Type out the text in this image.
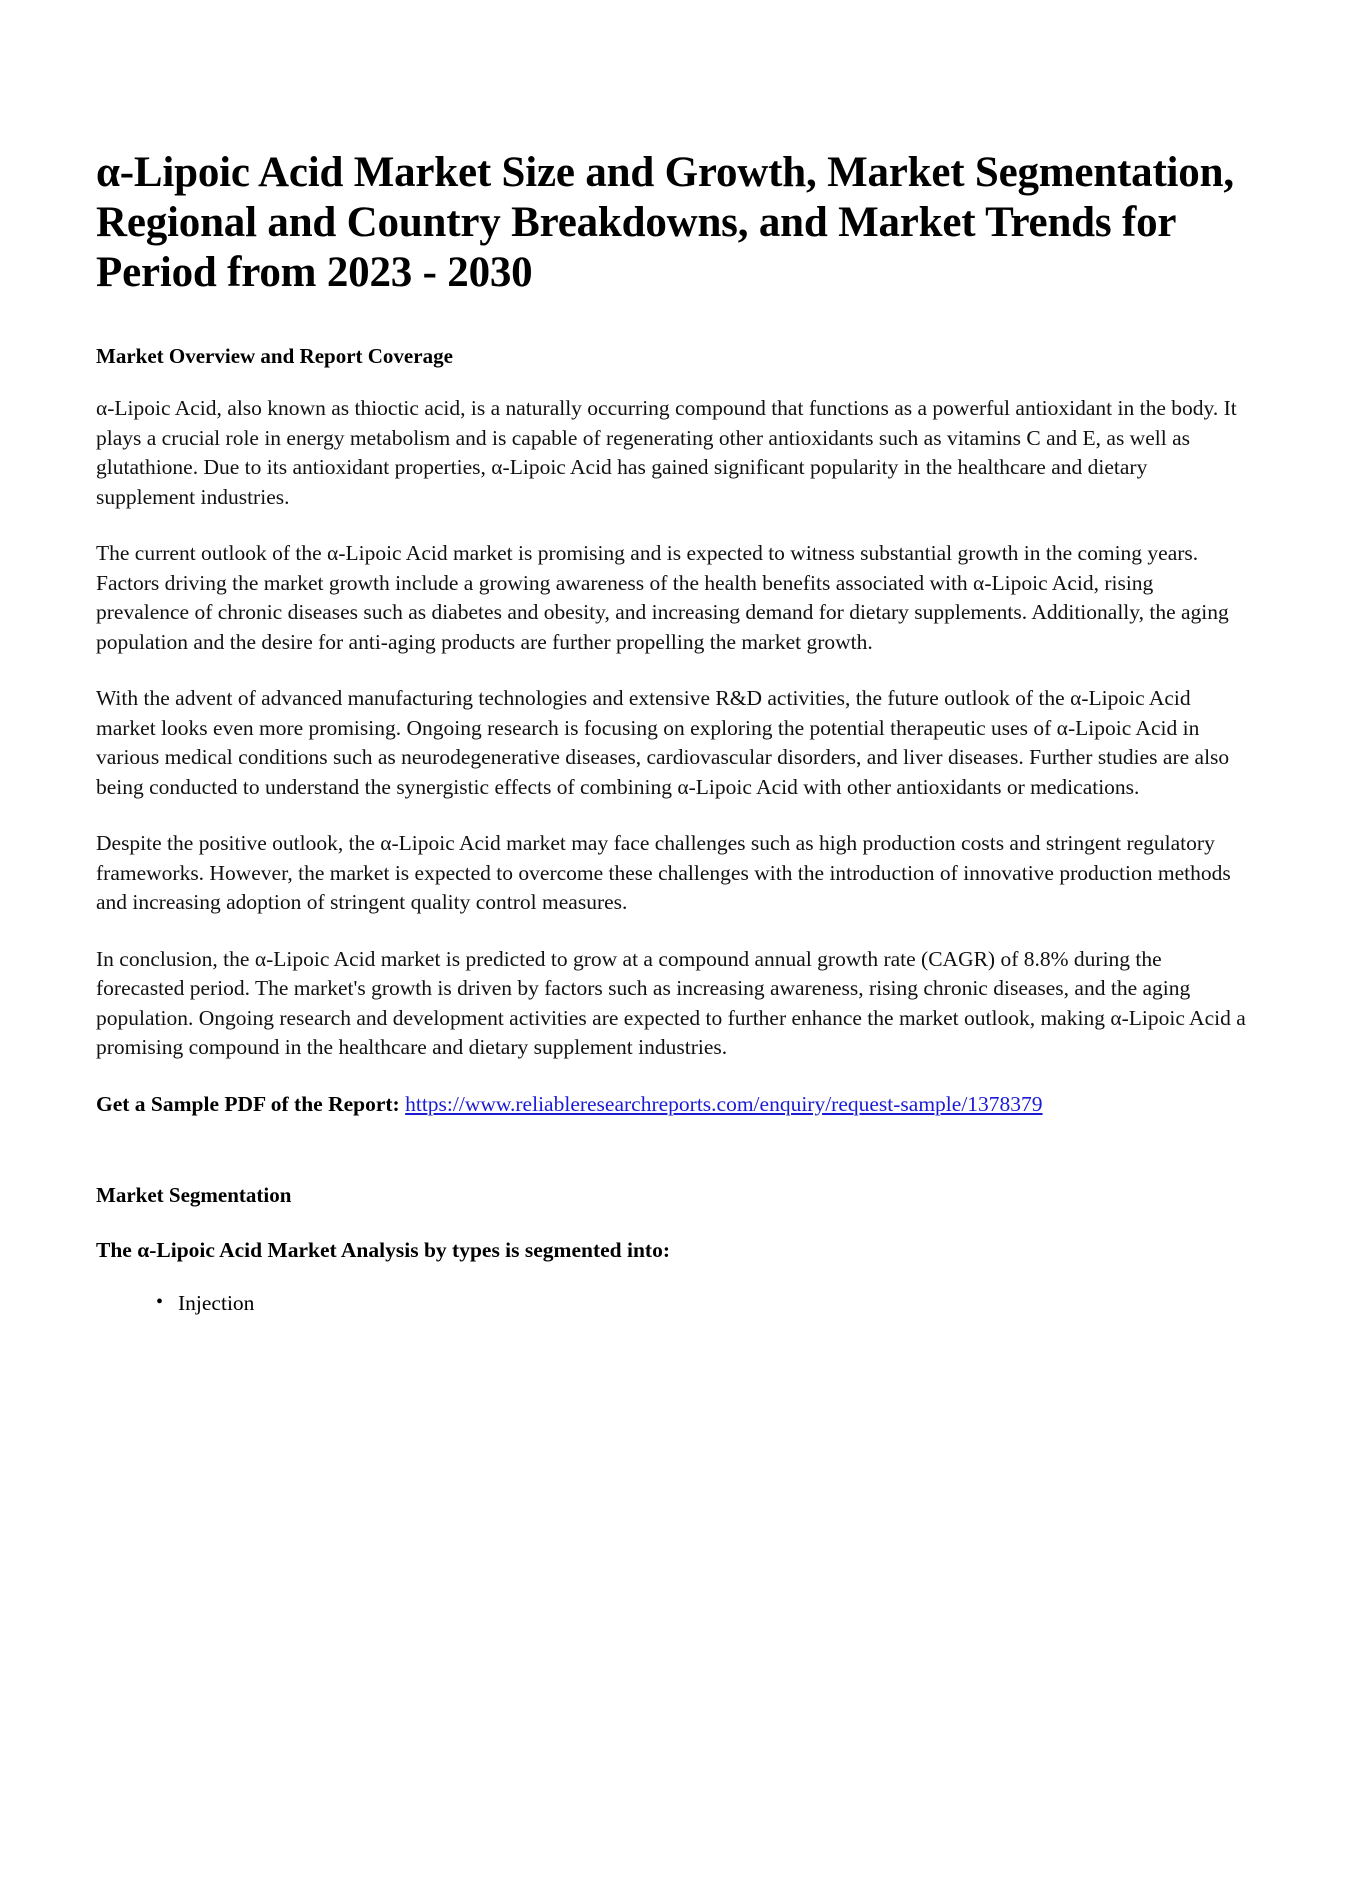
α-Lipoic Acid Market Size and Growth, Market Segmentation, Regional and Country Breakdowns, and Market Trends for Period from 2023 - 2030
Market Overview and Report Coverage

α-Lipoic Acid, also known as thioctic acid, is a naturally occurring compound that functions as a powerful antioxidant in the body. It plays a crucial role in energy metabolism and is capable of regenerating other antioxidants such as vitamins C and E, as well as glutathione. Due to its antioxidant properties, α-Lipoic Acid has gained significant popularity in the healthcare and dietary supplement industries.

The current outlook of the α-Lipoic Acid market is promising and is expected to witness substantial growth in the coming years. Factors driving the market growth include a growing awareness of the health benefits associated with α-Lipoic Acid, rising prevalence of chronic diseases such as diabetes and obesity, and increasing demand for dietary supplements. Additionally, the aging population and the desire for anti-aging products are further propelling the market growth.

With the advent of advanced manufacturing technologies and extensive R&D activities, the future outlook of the α-Lipoic Acid market looks even more promising. Ongoing research is focusing on exploring the potential therapeutic uses of α-Lipoic Acid in various medical conditions such as neurodegenerative diseases, cardiovascular disorders, and liver diseases. Further studies are also being conducted to understand the synergistic effects of combining α-Lipoic Acid with other antioxidants or medications.

Despite the positive outlook, the α-Lipoic Acid market may face challenges such as high production costs and stringent regulatory frameworks. However, the market is expected to overcome these challenges with the introduction of innovative production methods and increasing adoption of stringent quality control measures.

In conclusion, the α-Lipoic Acid market is predicted to grow at a compound annual growth rate (CAGR) of 8.8% during the forecasted period. The market's growth is driven by factors such as increasing awareness, rising chronic diseases, and the aging population. Ongoing research and development activities are expected to further enhance the market outlook, making α-Lipoic Acid a promising compound in the healthcare and dietary supplement industries.

Get a Sample PDF of the Report: https://www.reliableresearchreports.com/enquiry/request-sample/1378379

Market Segmentation

The α-Lipoic Acid Market Analysis by types is segmented into:

• Injection
